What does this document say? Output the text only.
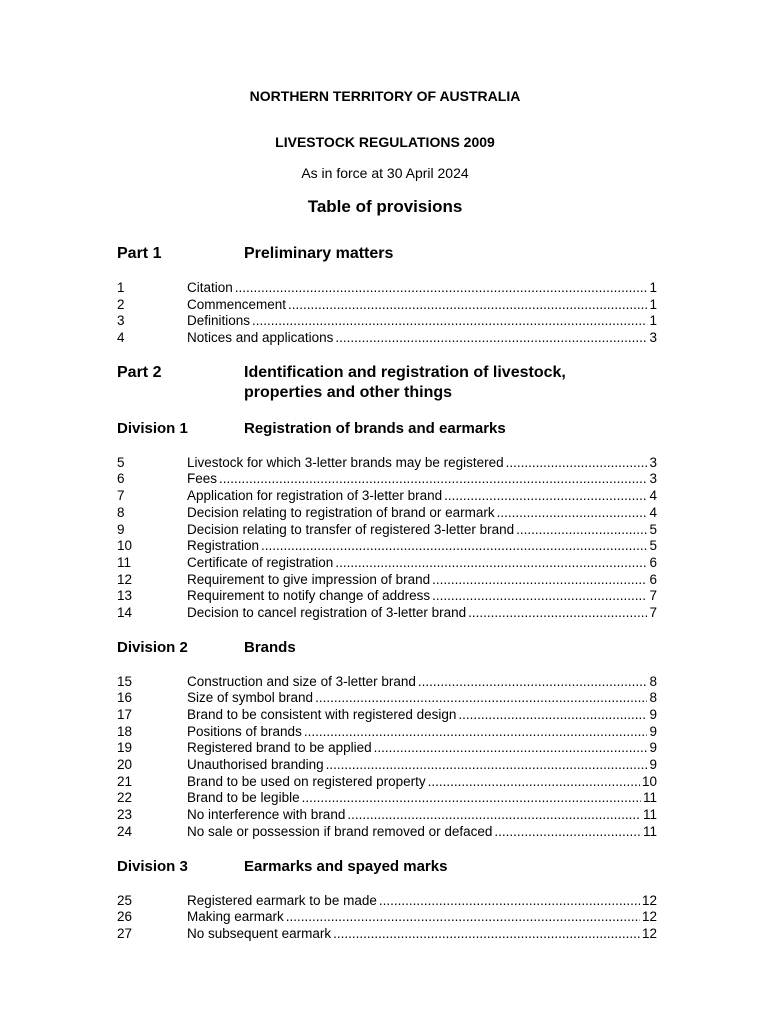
NORTHERN TERRITORY OF AUSTRALIA
LIVESTOCK REGULATIONS 2009
As in force at 30 April 2024
Table of provisions
Part 1	Preliminary matters
1	Citation .....	1
2	Commencement .....	1
3	Definitions .....	1
4	Notices and applications .....	3
Part 2	Identification and registration of livestock,
properties and other things
Division 1	Registration of brands and earmarks
5	Livestock for which 3-letter brands may be registered .....	3
6	Fees .....	3
7	Application for registration of 3-letter brand .....	4
8	Decision relating to registration of brand or earmark .....	4
9	Decision relating to transfer of registered 3-letter brand .....	5
10	Registration .....	5
11	Certificate of registration .....	6
12	Requirement to give impression of brand .....	6
13	Requirement to notify change of address .....	7
14	Decision to cancel registration of 3-letter brand .....	7
Division 2	Brands
15	Construction and size of 3-letter brand .....	8
16	Size of symbol brand .....	8
17	Brand to be consistent with registered design .....	9
18	Positions of brands .....	9
19	Registered brand to be applied .....	9
20	Unauthorised branding .....	9
21	Brand to be used on registered property .....	10
22	Brand to be legible .....	11
23	No interference with brand .....	11
24	No sale or possession if brand removed or defaced .....	11
Division 3	Earmarks and spayed marks
25	Registered earmark to be made .....	12
26	Making earmark .....	12
27	No subsequent earmark .....	12
